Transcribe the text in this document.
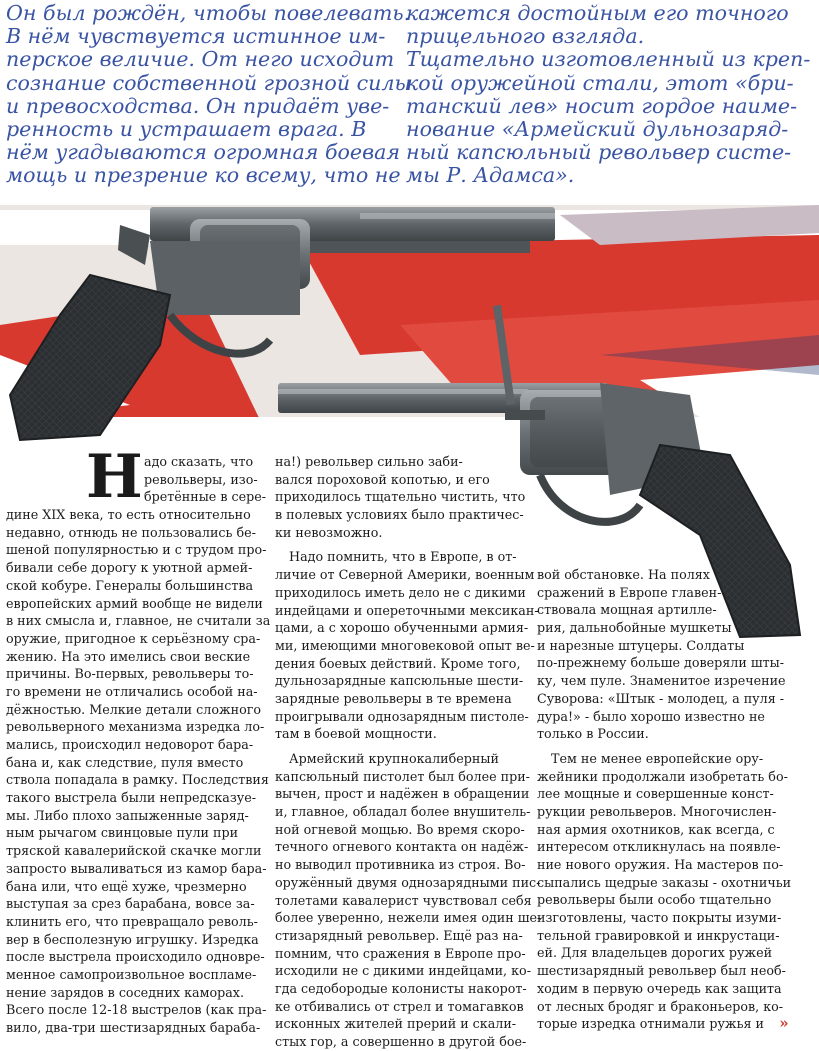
Он был рождён, чтобы повелевать.
В нём чувствуется истинное им-
перское величие. От него исходит
сознание собственной грозной силы
и превосходства. Он придаёт уве-
ренность и устрашает врага. В
нём угадываются огромная боевая
мощь и презрение ко всему, что не
кажется достойным его точного
прицельного взгляда.
Тщательно изготовленный из креп-
кой оружейной стали, этот «бри-
танский лев» носит гордое наиме-
нование «Армейский дульнозаряд-
ный капсюльный револьвер систе-
мы Р. Адамса».
Н адо сказать, что
револьверы, изо-
бретённые в сере-
дине XIX века, то есть относительно
недавно, отнюдь не пользовались бе-
шеной популярностью и с трудом про-
бивали себе дорогу к уютной армей-
ской кобуре. Генералы большинства
европейских армий вообще не видели
в них смысла и, главное, не считали за
оружие, пригодное к серьёзному сра-
жению. На это имелись свои веские
причины. Во-первых, револьверы то-
го времени не отличались особой на-
дёжностью. Мелкие детали сложного
револьверного механизма изредка ло-
мались, происходил недоворот бара-
бана и, как следствие, пуля вместо
ствола попадала в рамку. Последствия
такого выстрела были непредсказуе-
мы. Либо плохо запыженные заряд-
ным рычагом свинцовые пули при
тряской кавалерийской скачке могли
запросто вываливаться из камор бара-
бана или, что ещё хуже, чрезмерно
выступая за срез барабана, вовсе за-
клинить его, что превращало револь-
вер в бесполезную игрушку. Изредка
после выстрела происходило одновре-
менное самопроизвольное воспламе-
нение зарядов в соседних каморах.
Всего после 12-18 выстрелов (как пра-
вило, два-три шестизарядных бараба-
на!) револьвер сильно заби-
вался пороховой копотью, и его
приходилось тщательно чистить, что
в полевых условиях было практичес-
ки невозможно.
Надо помнить, что в Европе, в от-
личие от Северной Америки, военным
приходилось иметь дело не с дикими
индейцами и опереточными мексикан-
цами, а с хорошо обученными армия-
ми, имеющими многовековой опыт ве-
дения боевых действий. Кроме того,
дульнозарядные капсюльные шести-
зарядные револьверы в те времена
проигрывали однозарядным пистоле-
там в боевой мощности.
Армейский крупнокалиберный
капсюльный пистолет был более при-
вычен, прост и надёжен в обращении
и, главное, обладал более внушитель-
ной огневой мощью. Во время скоро-
течного огневого контакта он надёж-
но выводил противника из строя. Во-
оружённый двумя однозарядными пис-
толетами кавалерист чувствовал себя
более уверенно, нежели имея один ше-
стизарядный револьвер. Ещё раз на-
помним, что сражения в Европе про-
исходили не с дикими индейцами, ко-
гда седобородые колонисты накорот-
ке отбивались от стрел и томагавков
исконных жителей прерий и скали-
стых гор, а совершенно в другой бое-
вой обстановке. На полях
сражений в Европе главен-
ствовала мощная артилле-
рия, дальнобойные мушкеты
и нарезные штуцеры. Солдаты
по-прежнему больше доверяли шты-
ку, чем пуле. Знаменитое изречение
Суворова: «Штык - молодец, а пуля -
дура!» - было хорошо известно не
только в России.
Тем не менее европейские ору-
жейники продолжали изобретать бо-
лее мощные и совершенные конст-
рукции револьверов. Многочислен-
ная армия охотников, как всегда, с
интересом откликнулась на появле-
ние нового оружия. На мастеров по-
сыпались щедрые заказы - охотничьи
револьверы были особо тщательно
изготовлены, часто покрыты изуми-
тельной гравировкой и инкрустаци-
ей. Для владельцев дорогих ружей
шестизарядный револьвер был необ-
ходим в первую очередь как защита
от лесных бродяг и браконьеров, ко-
торые изредка отнимали ружья и »
